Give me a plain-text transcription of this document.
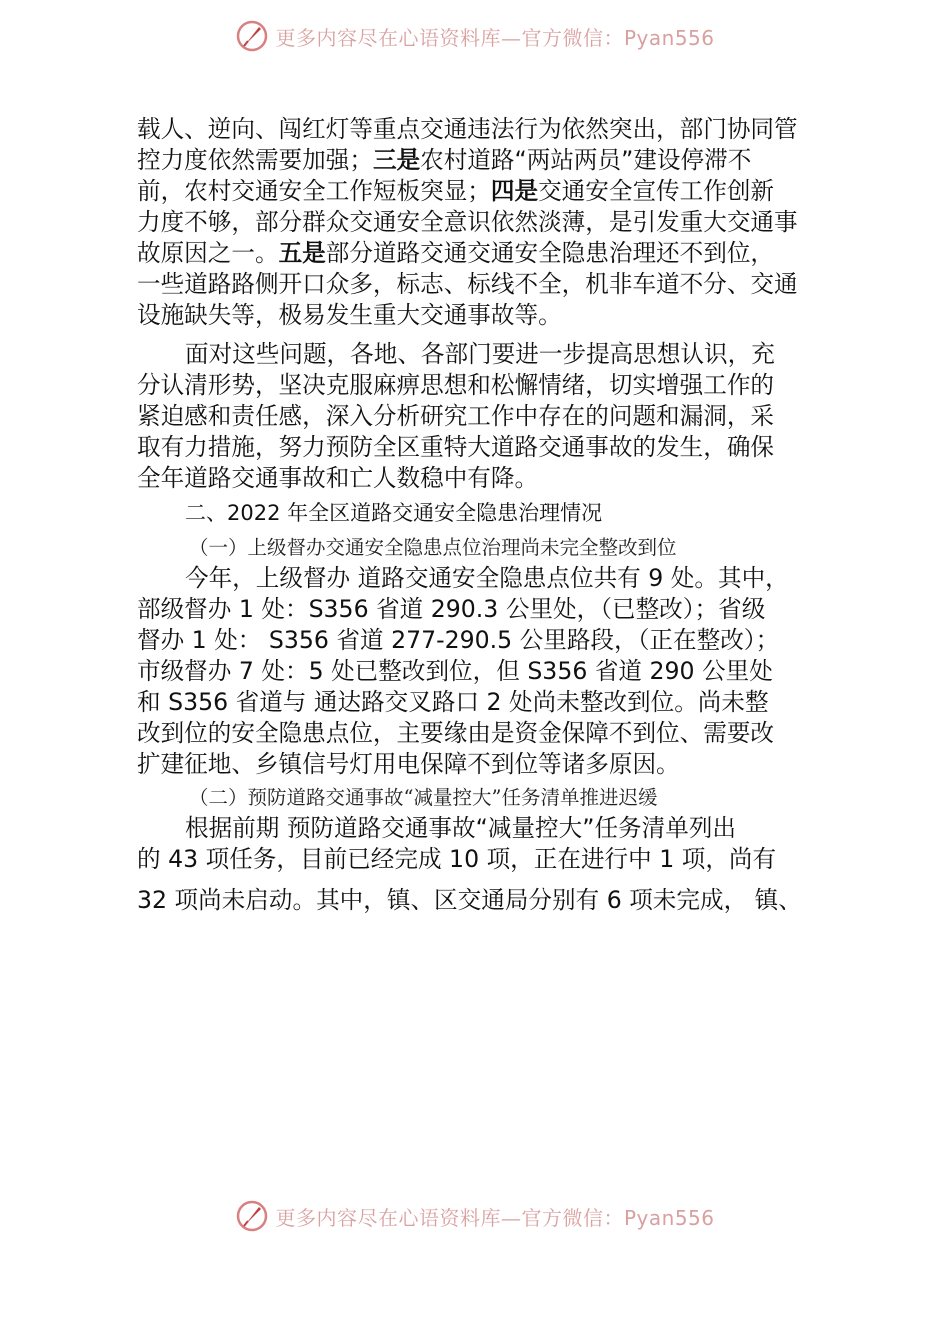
更多内容尽在心语资料库—官方微信：Pyan556
载人、逆向、闯红灯等重点交通违法行为依然突出，部门协同管
控力度依然需要加强；三是农村道路“两站两员”建设停滞不
前，农村交通安全工作短板突显；四是交通安全宣传工作创新
力度不够，部分群众交通安全意识依然淡薄，是引发重大交通事
故原因之一。五是部分道路交通交通安全隐患治理还不到位，
一些道路路侧开口众多，标志、标线不全，机非车道不分、交通
设施缺失等，极易发生重大交通事故等。
面对这些问题，各地、各部门要进一步提高思想认识，充
分认清形势，坚决克服麻痹思想和松懈情绪，切实增强工作的
紧迫感和责任感，深入分析研究工作中存在的问题和漏洞，采
取有力措施，努力预防全区重特大道路交通事故的发生，确保
全年道路交通事故和亡人数稳中有降。
二、2022 年全区道路交通安全隐患治理情况
（一）上级督办交通安全隐患点位治理尚未完全整改到位
今年，上级督办 道路交通安全隐患点位共有 9 处。其中，
部级督办 1 处：S356 省道 290.3 公里处，（已整改）；省级
督办 1 处： S356 省道 277-290.5 公里路段，（正在整改）；
市级督办 7 处：5 处已整改到位，但 S356 省道 290 公里处
和 S356 省道与 通达路交叉路口 2 处尚未整改到位。尚未整
改到位的安全隐患点位，主要缘由是资金保障不到位、需要改
扩建征地、乡镇信号灯用电保障不到位等诸多原因。
（二）预防道路交通事故“减量控大”任务清单推进迟缓
根据前期 预防道路交通事故“减量控大”任务清单列出
的 43 项任务，目前已经完成 10 项，正在进行中 1 项，尚有
32 项尚未启动。其中，镇、区交通局分别有 6 项未完成， 镇、
更多内容尽在心语资料库—官方微信：Pyan556
